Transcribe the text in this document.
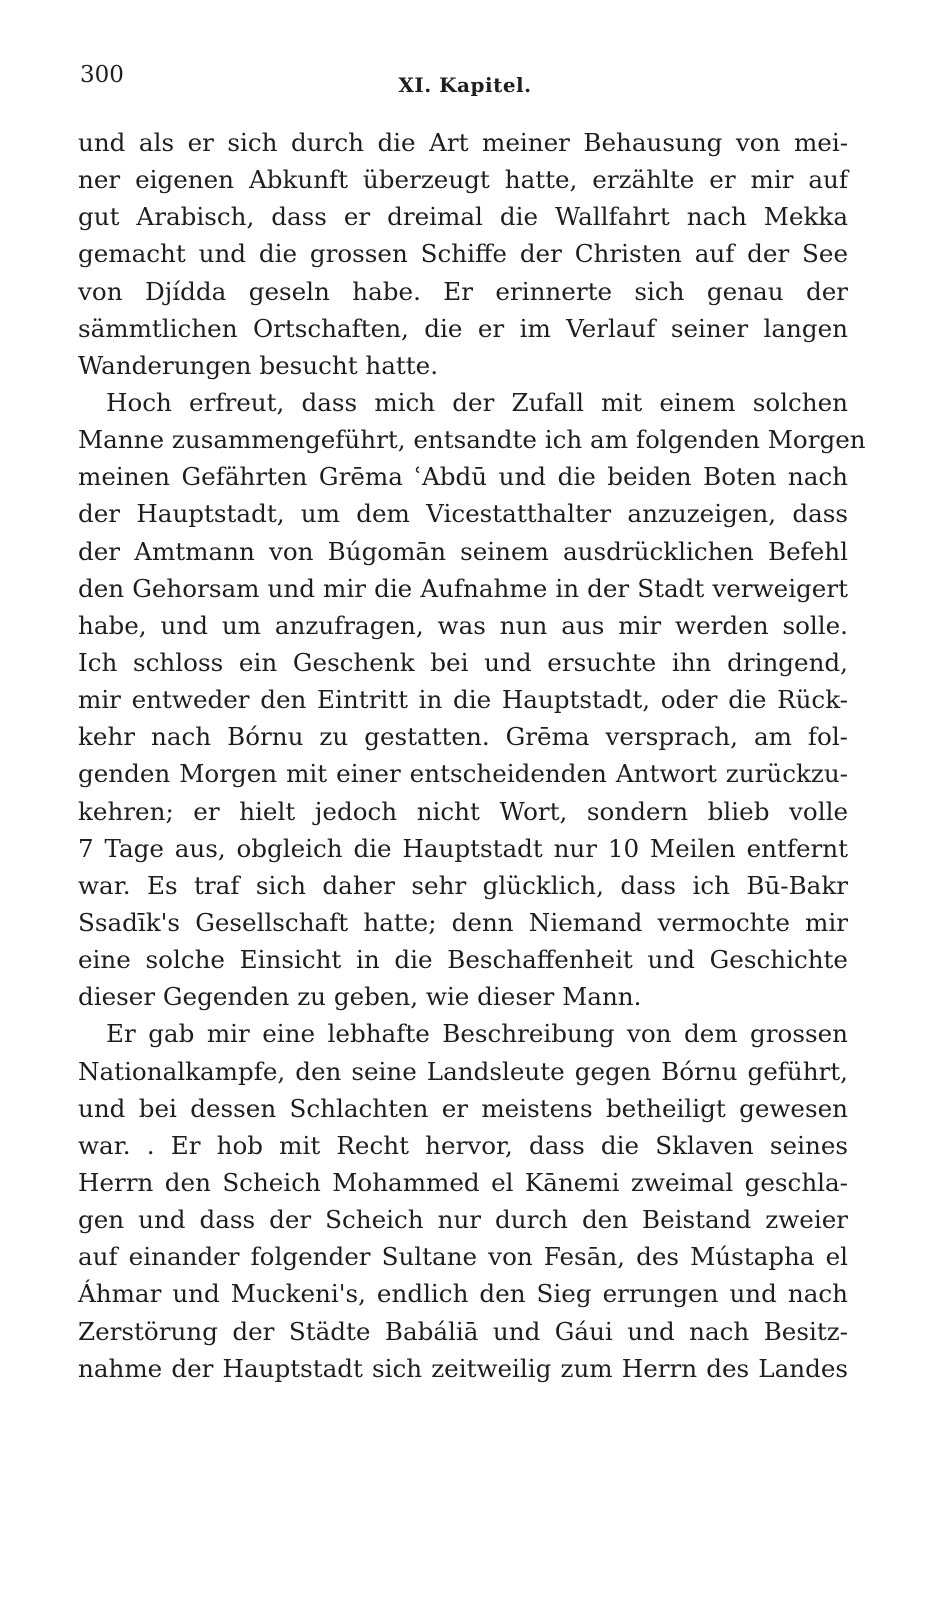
300	XI. Kapitel.
und als er sich durch die Art meiner Behausung von mei-
ner eigenen Abkunft überzeugt hatte, erzählte er mir auf
gut Arabisch, dass er dreimal die Wallfahrt nach Mekka
gemacht und die grossen Schiffe der Christen auf der See
von Djídda geseln habe. Er erinnerte sich genau der
sämmtlichen Ortschaften, die er im Verlauf seiner langen
Wanderungen besucht hatte.
Hoch erfreut, dass mich der Zufall mit einem solchen
Manne zusammengeführt, entsandte ich am folgenden Morgen
meinen Gefährten Grēma ʿAbdū und die beiden Boten nach
der Hauptstadt, um dem Vicestatthalter anzuzeigen, dass
der Amtmann von Búgomān seinem ausdrücklichen Befehl
den Gehorsam und mir die Aufnahme in der Stadt verweigert
habe, und um anzufragen, was nun aus mir werden solle.
Ich schloss ein Geschenk bei und ersuchte ihn dringend,
mir entweder den Eintritt in die Hauptstadt, oder die Rück-
kehr nach Bórnu zu gestatten. Grēma versprach, am fol-
genden Morgen mit einer entscheidenden Antwort zurückzu-
kehren; er hielt jedoch nicht Wort, sondern blieb volle
7 Tage aus, obgleich die Hauptstadt nur 10 Meilen entfernt
war. Es traf sich daher sehr glücklich, dass ich Bū-Bakr
Ssadīk's Gesellschaft hatte; denn Niemand vermochte mir
eine solche Einsicht in die Beschaffenheit und Geschichte
dieser Gegenden zu geben, wie dieser Mann.
Er gab mir eine lebhafte Beschreibung von dem grossen
Nationalkampfe, den seine Landsleute gegen Bórnu geführt,
und bei dessen Schlachten er meistens betheiligt gewesen
war. . Er hob mit Recht hervor, dass die Sklaven seines
Herrn den Scheich Mohammed el Kānemi zweimal geschla-
gen und dass der Scheich nur durch den Beistand zweier
auf einander folgender Sultane von Fesān, des Mústapha el
Áhmar und Muckeni's, endlich den Sieg errungen und nach
Zerstörung der Städte Babáliā und Gáui und nach Besitz-
nahme der Hauptstadt sich zeitweilig zum Herrn des Landes
